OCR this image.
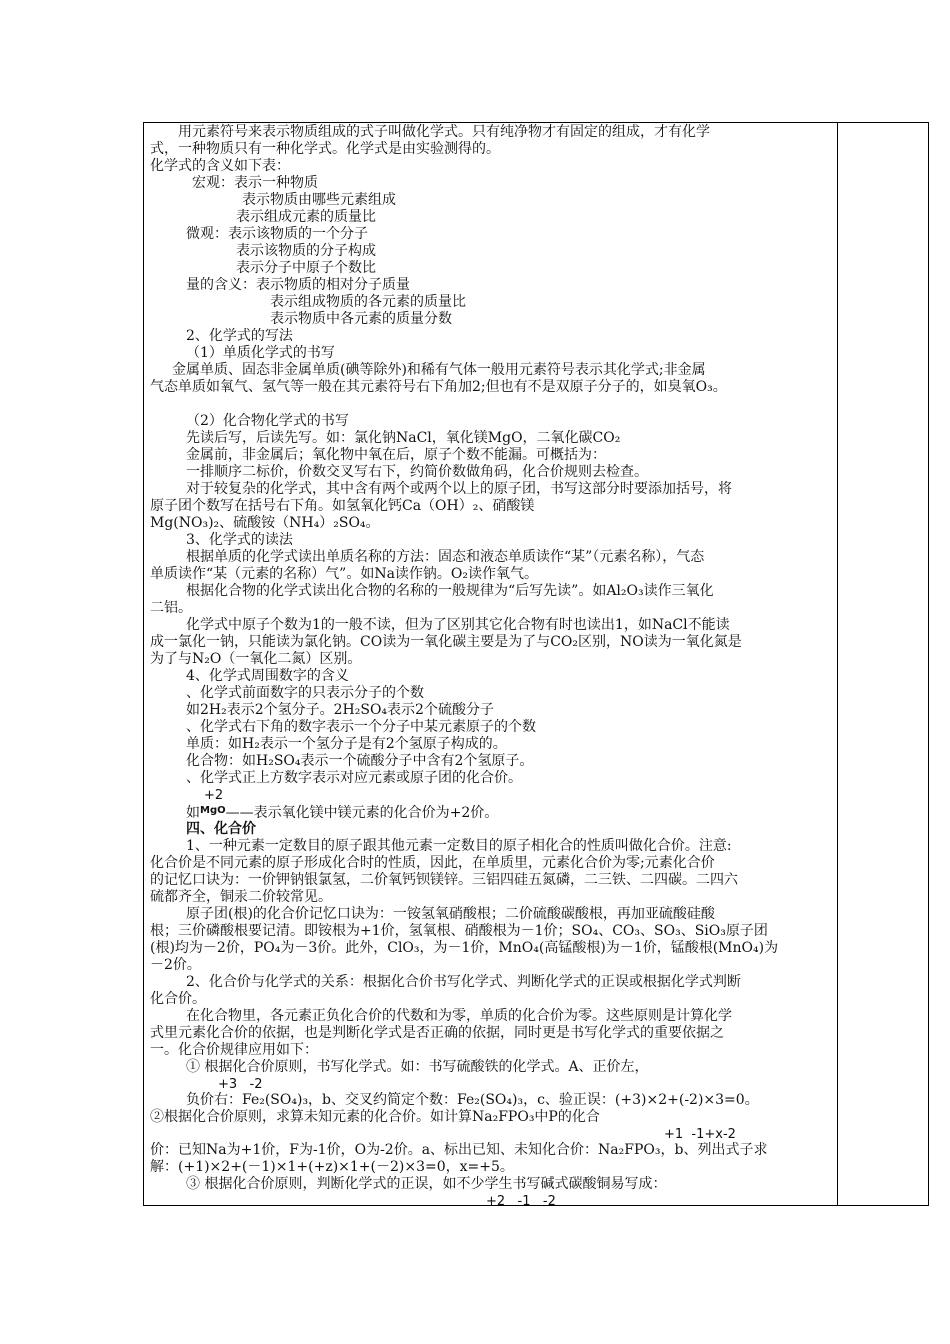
用元素符号来表示物质组成的式子叫做化学式。只有纯净物才有固定的组成，才有化学
式，一种物质只有一种化学式。化学式是由实验测得的。
化学式的含义如下表：
宏观：表示一种物质
表示物质由哪些元素组成
表示组成元素的质量比
微观：表示该物质的一个分子
表示该物质的分子构成
表示分子中原子个数比
量的含义：表示物质的相对分子质量
表示组成物质的各元素的质量比
表示物质中各元素的质量分数
2、化学式的写法
（1）单质化学式的书写
金属单质、固态非金属单质(碘等除外)和稀有气体一般用元素符号表示其化学式;非金属
气态单质如氧气、氢气等一般在其元素符号右下角加2;但也有不是双原子分子的，如臭氧O₃。
（2）化合物化学式的书写
先读后写，后读先写。如：氯化钠NaCl，氧化镁MgO，二氧化碳CO₂
金属前，非金属后；氧化物中氧在后，原子个数不能漏。可概括为：
一排顺序二标价，价数交叉写右下，约简价数做角码，化合价规则去检查。
对于较复杂的化学式，其中含有两个或两个以上的原子团，书写这部分时要添加括号，将
原子团个数写在括号右下角。如氢氧化钙Ca（OH）₂、硝酸镁
Mg(NO₃)₂、硫酸铵（NH₄）₂SO₄。
3、化学式的读法
根据单质的化学式读出单质名称的方法：固态和液态单质读作“某”（元素名称），气态
单质读作“某（元素的名称）气”。如Na读作钠。O₂读作氧气。
根据化合物的化学式读出化合物的名称的一般规律为“后写先读”。如Al₂O₃读作三氧化
二铝。
化学式中原子个数为1的一般不读，但为了区别其它化合物有时也读出1，如NaCl不能读
成一氯化一钠，只能读为氯化钠。CO读为一氧化碳主要是为了与CO₂区别，NO读为一氧化氮是
为了与N₂O（一氧化二氮）区别。
4、化学式周围数字的含义
、化学式前面数字的只表示分子的个数
如2H₂表示2个氢分子。2H₂SO₄表示2个硫酸分子
、化学式右下角的数字表示一个分子中某元素原子的个数
单质：如H₂表示一个氢分子是有2个氢原子构成的。
化合物：如H₂SO₄表示一个硫酸分子中含有2个氢原子。
、化学式正上方数字表示对应元素或原子团的化合价。
+2
如$^{MgO}$——表示氧化镁中镁元素的化合价为+2价。
四、化合价
1、一种元素一定数目的原子跟其他元素一定数目的原子相化合的性质叫做化合价。注意:
化合价是不同元素的原子形成化合时的性质，因此，在单质里，元素化合价为零;元素化合价
的记忆口诀为：一价钾钠银氯氢，二价氧钙钡镁锌。三铝四硅五氮磷，二三铁、二四碳。二四六
硫都齐全，铜汞二价较常见。
原子团(根)的化合价记忆口诀为：一铵氢氧硝酸根；二价硫酸碳酸根，再加亚硫酸硅酸
根；三价磷酸根要记清。即铵根为+1价，氢氧根、硝酸根为－1价；SO₄、CO₃、SO₃、SiO₃原子团
(根)均为－2价，PO₄为－3价。此外，ClO₃，为－1价，MnO₄(高锰酸根)为－1价，锰酸根(MnO₄)为
－2价。
2、化合价与化学式的关系：根据化合价书写化学式、判断化学式的正误或根据化学式判断
化合价。
在化合物里，各元素正负化合价的代数和为零，单质的化合价为零。这些原则是计算化学
式里元素化合价的依据，也是判断化学式是否正确的依据，同时更是书写化学式的重要依据之
一。化合价规律应用如下：
① 根据化合价原则，书写化学式。如：书写硫酸铁的化学式。A、正价左，
+3   -2
负价右：Fe₂(SO₄)₃，b、交叉约简定个数：Fe₂(SO₄)₃，c、验正误：(+3)×2+(-2)×3=0。
②根据化合价原则，求算未知元素的化合价。如计算Na₂FPO₃中P的化合
+1  -1+x-2
价：已知Na为+1价，F为-1价，O为-2价。a、标出已知、未知化合价：Na₂FPO₃，b、列出式子求
解：(+1)×2+(－1)×1+(+z)×1+(－2)×3=0，x=+5。
③ 根据化合价原则，判断化学式的正误，如不少学生书写碱式碳酸铜易写成：
+2   -1   -2
